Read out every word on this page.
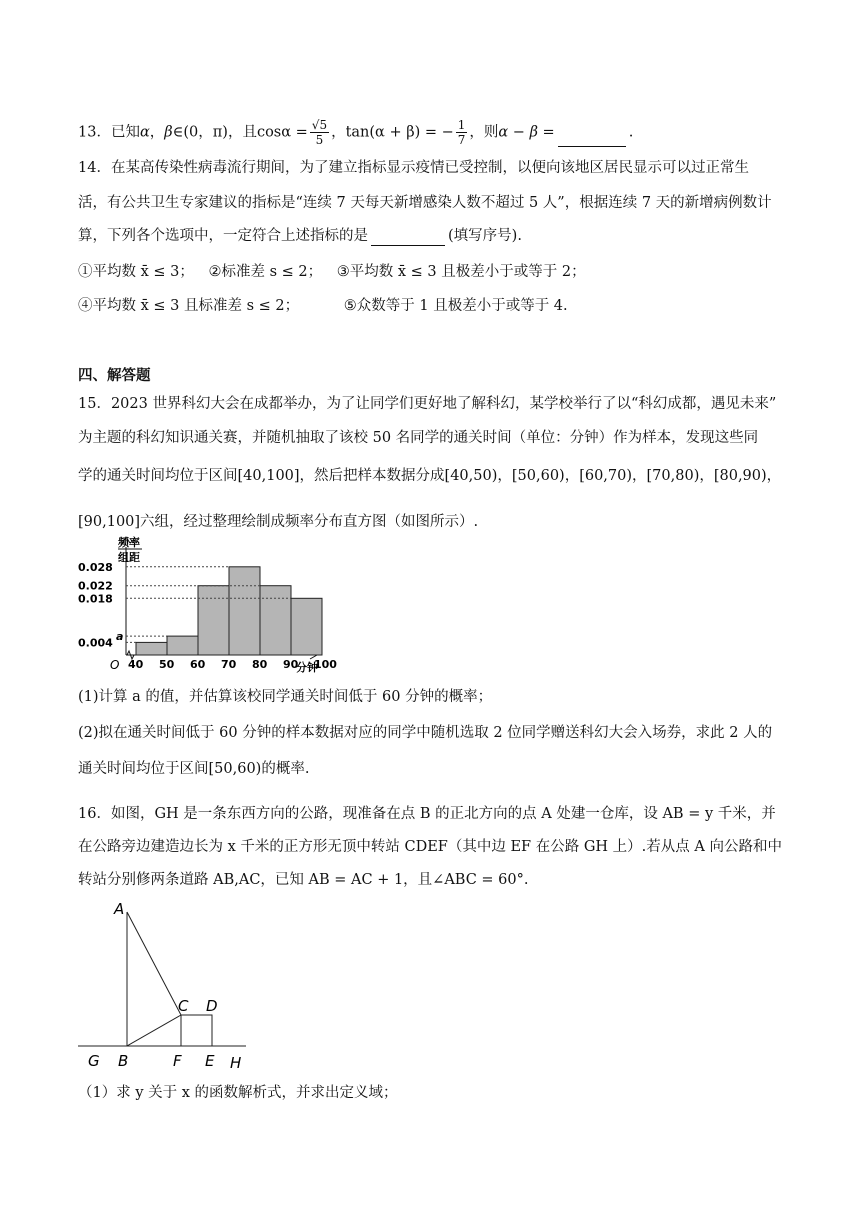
13．已知α，β∈(0，π)，且$\cos\alpha = \frac{√5}{5}$ ，tan(α + β) = − $\frac{1}{7}$ ，则α − β =	.
14．在某高传染性病毒流行期间，为了建立指标显示疫情已受控制，以便向该地区居民显示可以过正常生
活，有公共卫生专家建议的指标是“连续 7 天每天新增感染人数不超过 5 人”，根据连续 7 天的新增病例数计
算，下列各个选项中，一定符合上述指标的是	(填写序号).
①平均数 x̄ ≤ 3； ②标准差 s ≤ 2； ③平均数 x̄ ≤ 3 且极差小于或等于 2；
④平均数 x̄ ≤ 3 且标准差 s ≤ 2；	⑤众数等于 1 且极差小于或等于 4.
四、解答题
15．2023 世界科幻大会在成都举办，为了让同学们更好地了解科幻，某学校举行了以“科幻成都，遇见未来”
为主题的科幻知识通关赛，并随机抽取了该校 50 名同学的通关时间（单位：分钟）作为样本，发现这些同
学的通关时间均位于区间[40,100]，然后把样本数据分成[40,50)，[50,60)，[60,70)，[70,80)，[80,90)，
[90,100]六组，经过整理绘制成频率分布直方图（如图所示）.
频率
组距
0.028
0.022
0.018
a
0.004
40 50 60 70 80 90 100
分钟
O
(1)计算 a 的值，并估算该校同学通关时间低于 60 分钟的概率；
(2)拟在通关时间低于 60 分钟的样本数据对应的同学中随机选取 2 位同学赠送科幻大会入场券，求此 2 人的
通关时间均位于区间[50,60)的概率.
16．如图，GH 是一条东西方向的公路，现准备在点 B 的正北方向的点 A 处建一仓库，设 AB = y 千米，并
在公路旁边建造边长为 x 千米的正方形无顶中转站 CDEF（其中边 EF 在公路 GH 上）.若从点 A 向公路和中
转站分别修两条道路 AB,AC，已知 AB = AC + 1，且∠ABC = 60°.
A
B
C D
F E
G	H
（1）求 y 关于 x 的函数解析式，并求出定义域；
